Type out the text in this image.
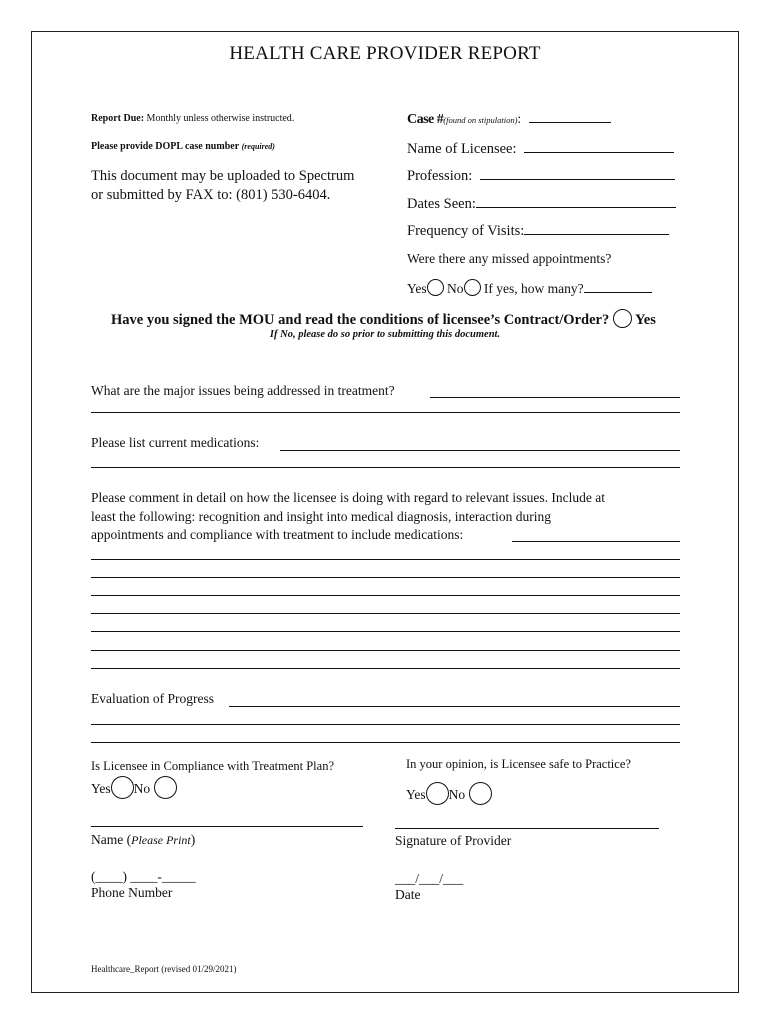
HEALTH CARE PROVIDER REPORT
Report Due: Monthly unless otherwise instructed.
Please provide DOPL case number (required)
This document may be uploaded to Spectrum
or submitted by FAX to: (801) 530-6404.
Case #(found on stipulation):
Name of Licensee:
Profession:
Dates Seen:
Frequency of Visits:
Were there any missed appointments?
Yes No If yes, how many?
Have you signed the MOU and read the conditions of licensee’s Contract/Order? Yes
If No, please do so prior to submitting this document.
What are the major issues being addressed in treatment?
Please list current medications:
Please comment in detail on how the licensee is doing with regard to relevant issues. Include at
least the following: recognition and insight into medical diagnosis, interaction during
appointments and compliance with treatment to include medications:
Evaluation of Progress
Is Licensee in Compliance with Treatment Plan?
Yes No
In your opinion, is Licensee safe to Practice?
Yes No
Name (Please Print)	Signature of Provider
(____) ____-_____
Phone Number
___/___/___
Date
Healthcare_Report (revised 01/29/2021)
